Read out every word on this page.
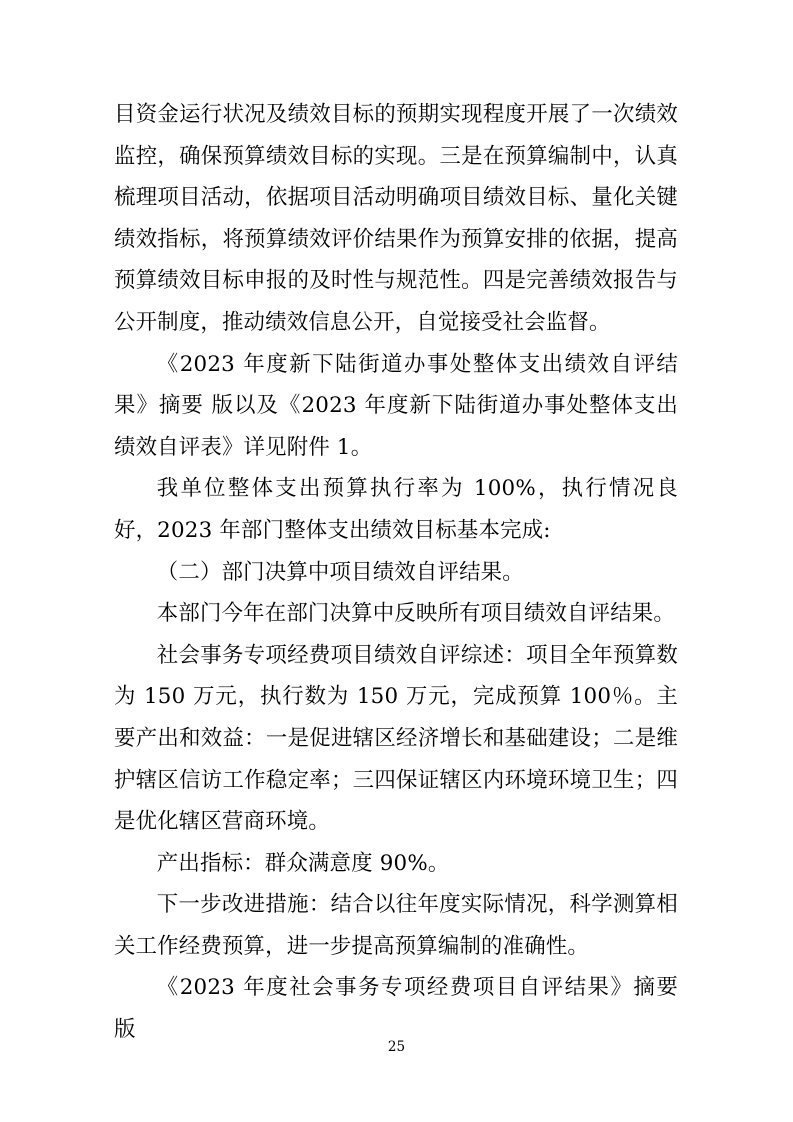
目资金运行状况及绩效目标的预期实现程度开展了一次绩效监控，确保预算绩效目标的实现。三是在预算编制中，认真梳理项目活动，依据项目活动明确项目绩效目标、量化关键绩效指标，将预算绩效评价结果作为预算安排的依据，提高预算绩效目标申报的及时性与规范性。四是完善绩效报告与公开制度，推动绩效信息公开，自觉接受社会监督。

《2023 年度新下陆街道办事处整体支出绩效自评结果》摘要 版以及《2023 年度新下陆街道办事处整体支出绩效自评表》详见附件 1。

我单位整体支出预算执行率为 100%，执行情况良好，2023 年部门整体支出绩效目标基本完成:

（二）部门决算中项目绩效自评结果。

本部门今年在部门决算中反映所有项目绩效自评结果。

社会事务专项经费项目绩效自评综述：项目全年预算数为 150 万元，执行数为 150 万元，完成预算 100％。主要产出和效益：一是促进辖区经济增长和基础建设；二是维护辖区信访工作稳定率；三四保证辖区内环境环境卫生；四是优化辖区营商环境。

产出指标：群众满意度 90%。

下一步改进措施：结合以往年度实际情况，科学测算相关工作经费预算，进一步提高预算编制的准确性。

《2023 年度社会事务专项经费项目自评结果》摘要 版

25
